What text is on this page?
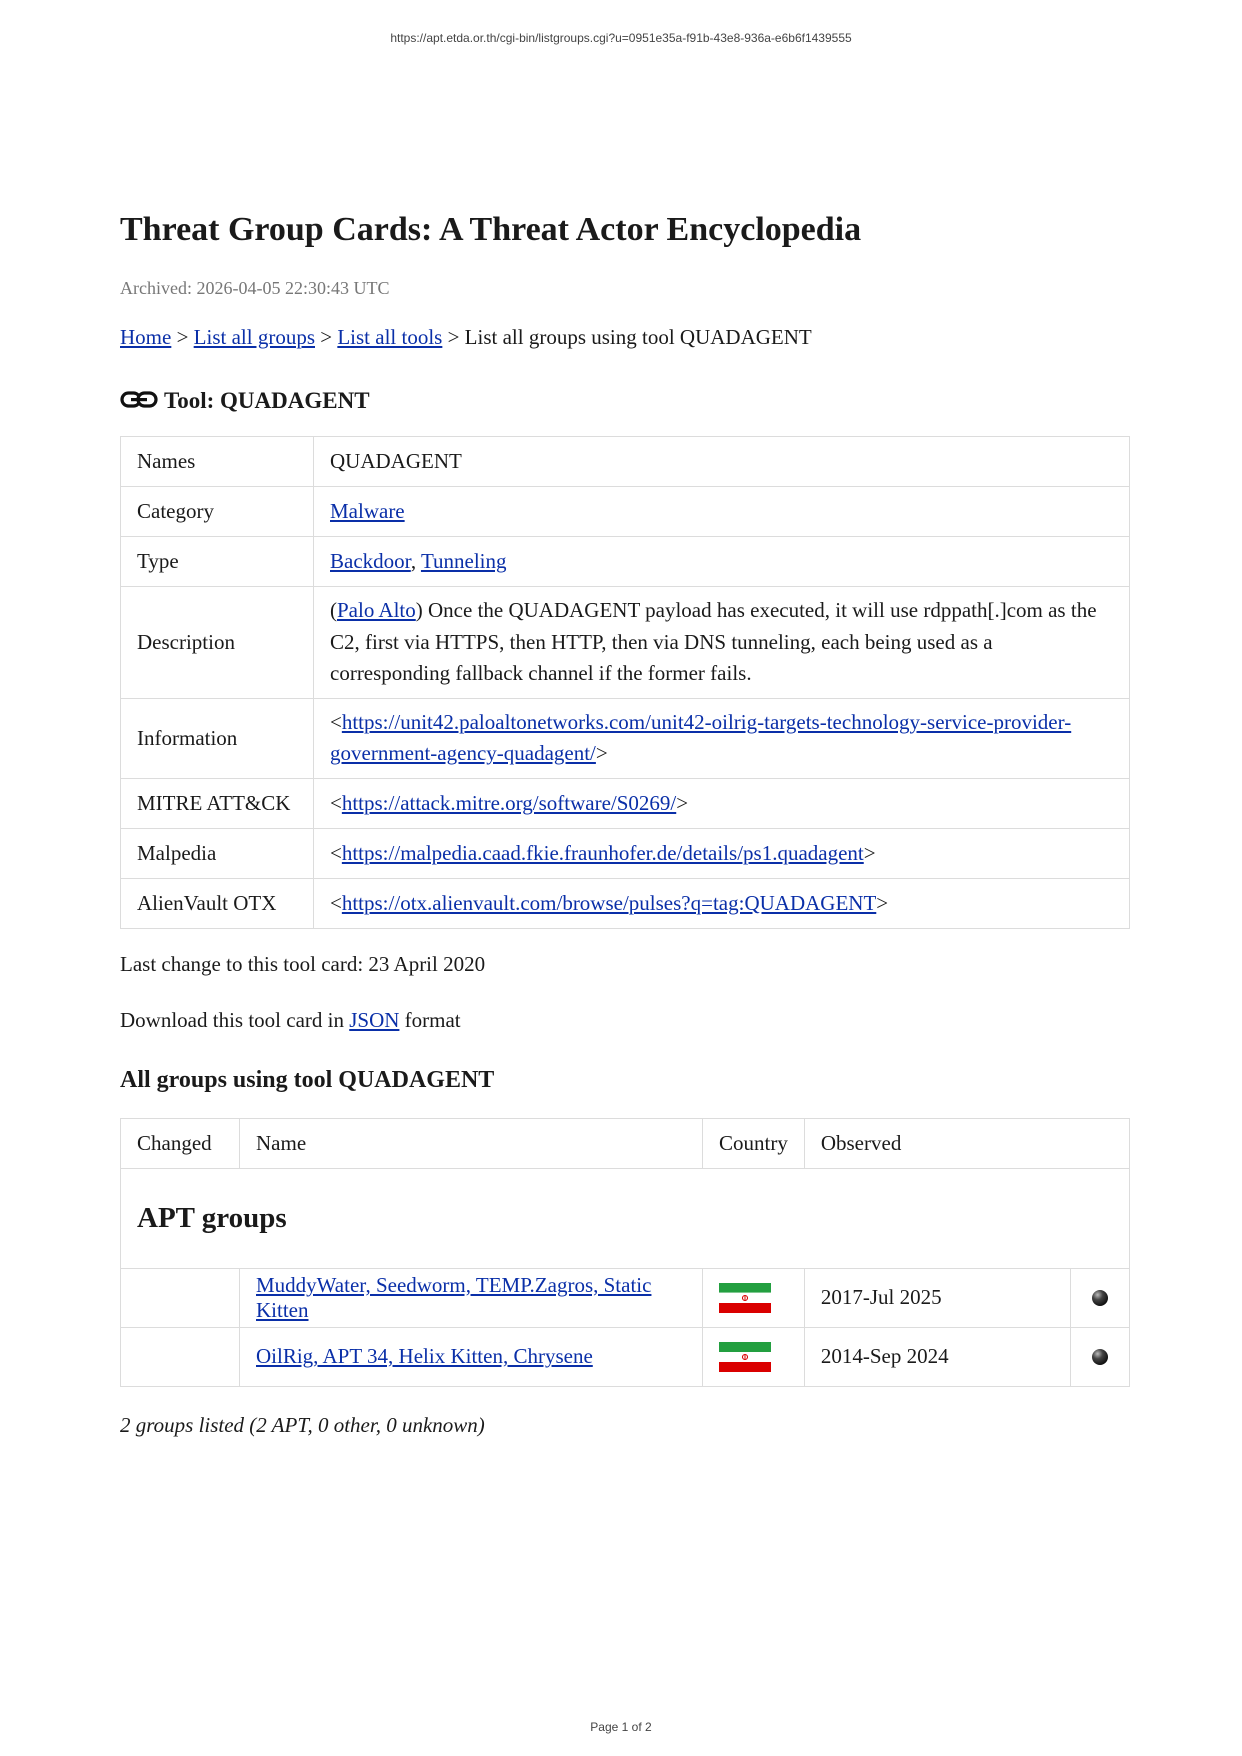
https://apt.etda.or.th/cgi-bin/listgroups.cgi?u=0951e35a-f91b-43e8-936a-e6b6f1439555
Threat Group Cards: A Threat Actor Encyclopedia
Archived: 2026-04-05 22:30:43 UTC
Home > List all groups > List all tools > List all groups using tool QUADAGENT
Tool: QUADAGENT
Names	QUADAGENT
Category	Malware
Type	Backdoor, Tunneling
Description	(Palo Alto) Once the QUADAGENT payload has executed, it will use rdppath[.]com as the C2, first via HTTPS, then HTTP, then via DNS tunneling, each being used as a corresponding fallback channel if the former fails.
Information	<https://unit42.paloaltonetworks.com/unit42-oilrig-targets-technology-service-provider-government-agency-quadagent/>
MITRE ATT&CK	<https://attack.mitre.org/software/S0269/>
Malpedia	<https://malpedia.caad.fkie.fraunhofer.de/details/ps1.quadagent>
AlienVault OTX	<https://otx.alienvault.com/browse/pulses?q=tag:QUADAGENT>
Last change to this tool card: 23 April 2020
Download this tool card in JSON format
All groups using tool QUADAGENT
Changed	Name	Country	Observed	
APT groups				
	MuddyWater, Seedworm, TEMP.Zagros, Static Kitten		2017-Jul 2025	

	OilRig, APT 34, Helix Kitten, Chrysene		2014-Sep 2024	
2 groups listed (2 APT, 0 other, 0 unknown)
Page 1 of 2
